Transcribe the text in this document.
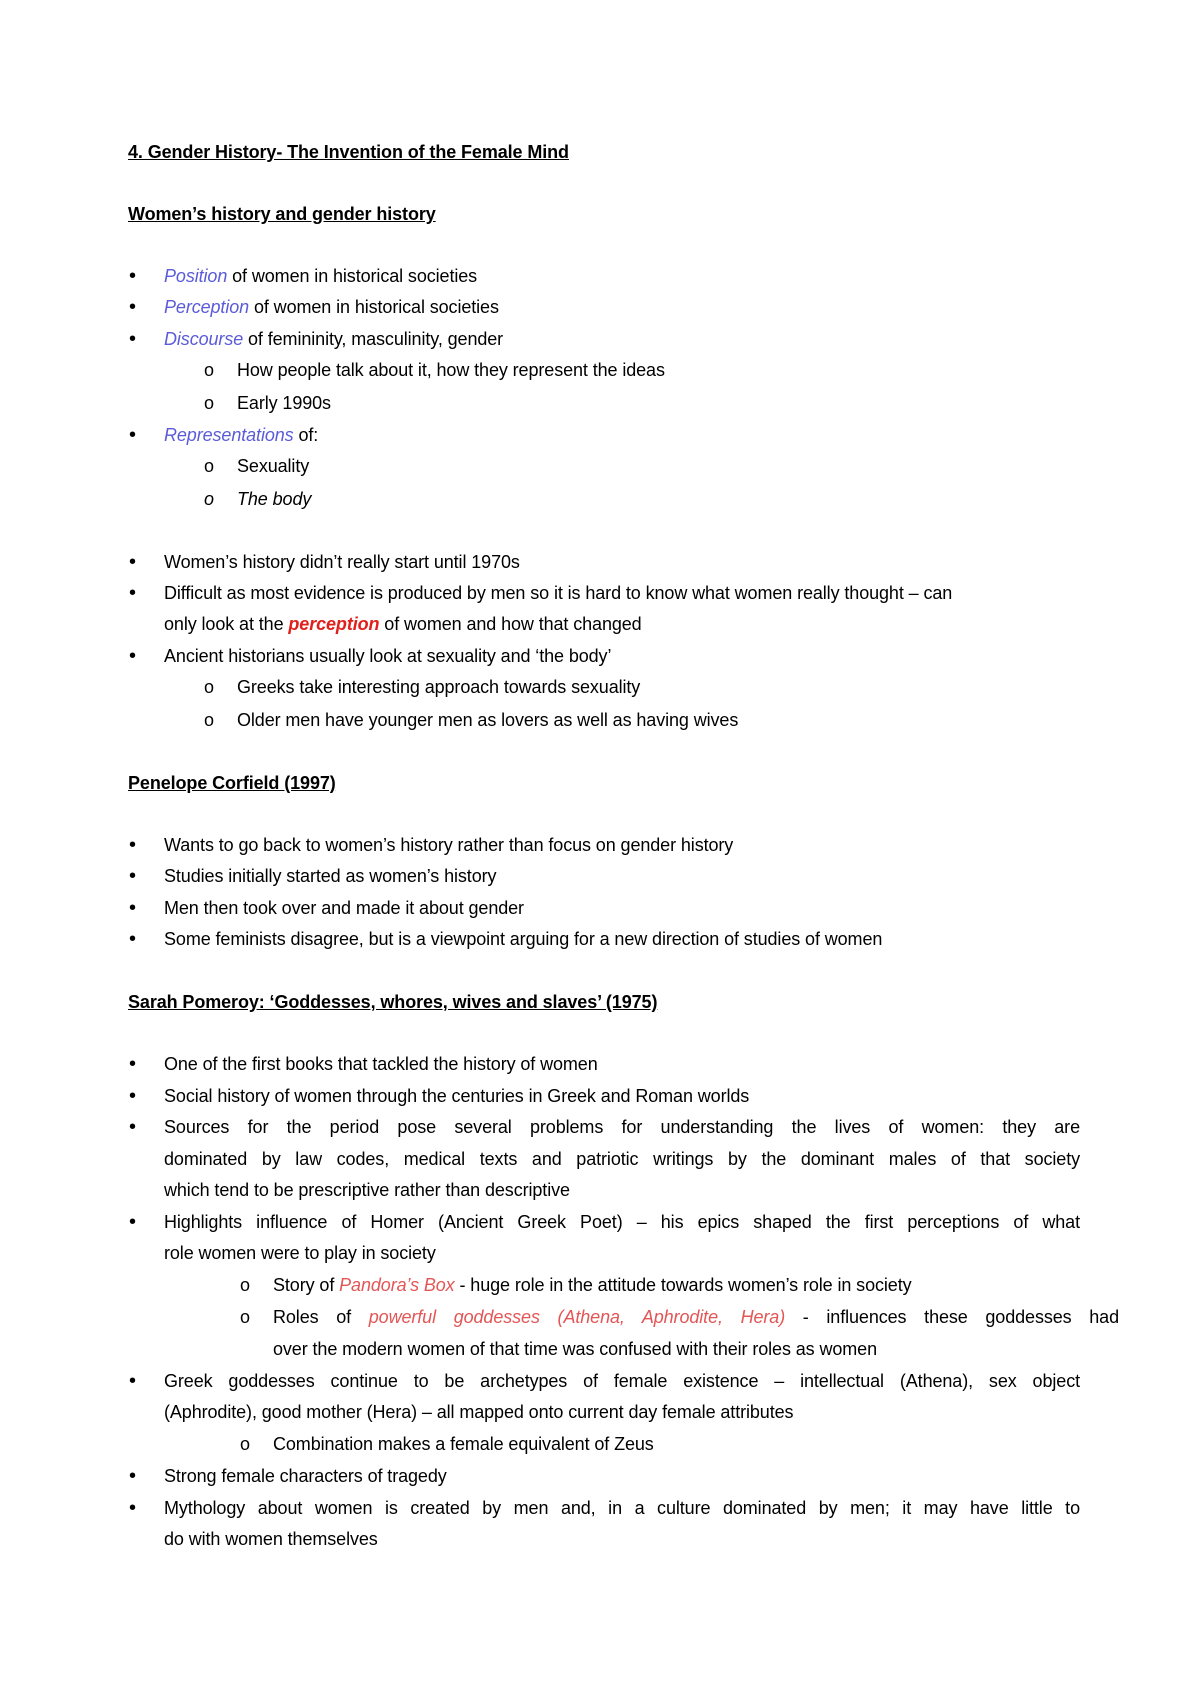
4. Gender History- The Invention of the Female Mind
Women’s history and gender history
• Position of women in historical societies
• Perception of women in historical societies
• Discourse of femininity, masculinity, gender
o How people talk about it, how they represent the ideas
o Early 1990s
• Representations of:
o Sexuality
o The body
• Women’s history didn’t really start until 1970s
• Difficult as most evidence is produced by men so it is hard to know what women really thought – can
only look at the perception of women and how that changed
• Ancient historians usually look at sexuality and ‘the body’
o Greeks take interesting approach towards sexuality
o Older men have younger men as lovers as well as having wives
Penelope Corfield (1997)
• Wants to go back to women’s history rather than focus on gender history
• Studies initially started as women’s history
• Men then took over and made it about gender
• Some feminists disagree, but is a viewpoint arguing for a new direction of studies of women
Sarah Pomeroy: ‘Goddesses, whores, wives and slaves’ (1975)
• One of the first books that tackled the history of women
• Social history of women through the centuries in Greek and Roman worlds
• Sources for the period pose several problems for understanding the lives of women: they are
dominated by law codes, medical texts and patriotic writings by the dominant males of that society
which tend to be prescriptive rather than descriptive
• Highlights influence of Homer (Ancient Greek Poet) – his epics shaped the first perceptions of what
role women were to play in society
o Story of Pandora’s Box - huge role in the attitude towards women’s role in society
o Roles of powerful goddesses (Athena, Aphrodite, Hera) - influences these goddesses had
over the modern women of that time was confused with their roles as women
• Greek goddesses continue to be archetypes of female existence – intellectual (Athena), sex object
(Aphrodite), good mother (Hera) – all mapped onto current day female attributes
o Combination makes a female equivalent of Zeus
• Strong female characters of tragedy
• Mythology about women is created by men and, in a culture dominated by men; it may have little to
do with women themselves
